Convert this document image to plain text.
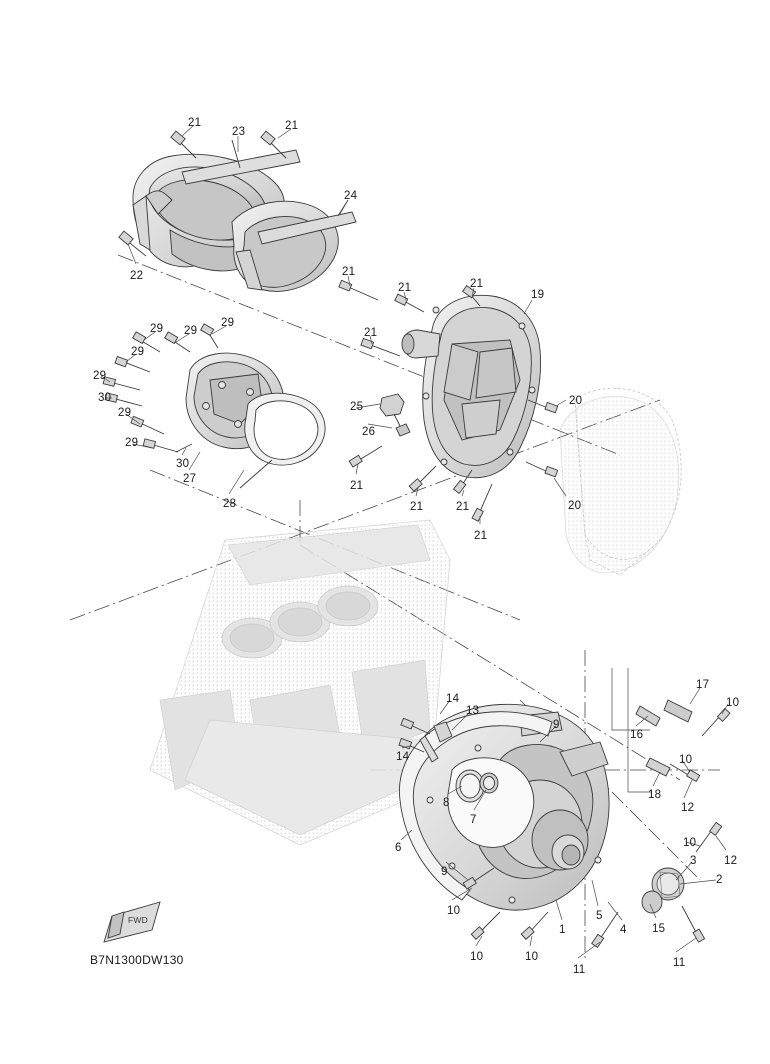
FWD
21
23	21
24
22	21
21	21
19
21
29 29
29
29
29
30
29
29
30
27
28
25
26
20
21
21	21
21
20
14
13
14
9
17
10
16
10
18
12
8
7
6
9
10
3 12
2
10	5
4
1	15
10	10
11
11
B7N1300DW130
